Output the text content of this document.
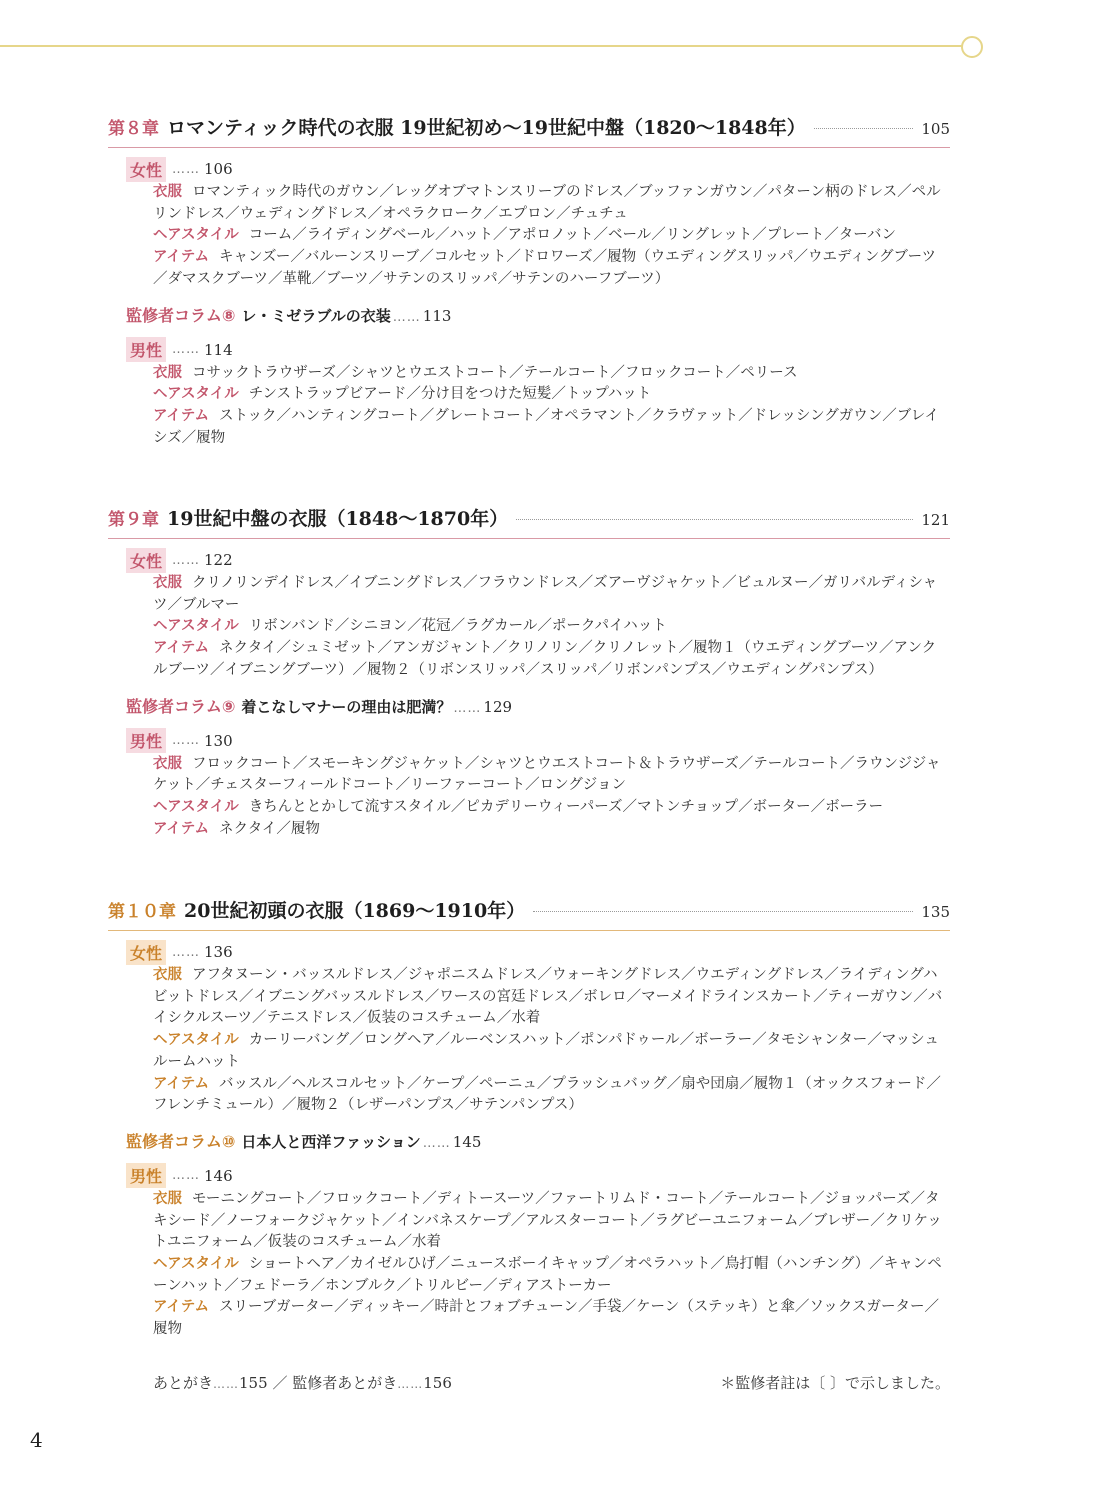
第８章 ロマンティック時代の衣服 19世紀初め～19世紀中盤（1820～1848年）	105
女性 …… 106
衣服 ロマンティック時代のガウン／レッグオブマトンスリーブのドレス／ブッファンガウン／パターン柄のドレス／ペルリンドレス／ウェディングドレス／オペラクローク／エプロン／チュチュ
ヘアスタイル コーム／ライディングベール／ハット／アポロノット／ベール／リングレット／プレート／ターバン
アイテム キャンズー／バルーンスリーブ／コルセット／ドロワーズ／履物（ウエディングスリッパ／ウエディングブーツ／ダマスクブーツ／革靴／ブーツ／サテンのスリッパ／サテンのハーフブーツ）
監修者コラム⑧ レ・ミゼラブルの衣装 …… 113
男性 …… 114
衣服 コサックトラウザーズ／シャツとウエストコート／テールコート／フロックコート／ペリース
ヘアスタイル チンストラップビアード／分け目をつけた短髪／トップハット
アイテム ストック／ハンティングコート／グレートコート／オペラマント／クラヴァット／ドレッシングガウン／ブレイシズ／履物
第９章 19世紀中盤の衣服（1848～1870年）	121
女性 …… 122
衣服 クリノリンデイドレス／イブニングドレス／フラウンドレス／ズアーヴジャケット／ビュルヌー／ガリバルディシャツ／ブルマー
ヘアスタイル リボンバンド／シニヨン／花冠／ラグカール／ポークパイハット
アイテム ネクタイ／シュミゼット／アンガジャント／クリノリン／クリノレット／履物１（ウエディングブーツ／アンクルブーツ／イブニングブーツ）／履物２（リボンスリッパ／スリッパ／リボンパンプス／ウエディングパンプス）
監修者コラム⑨ 着こなしマナーの理由は肥満？ …… 129
男性 …… 130
衣服 フロックコート／スモーキングジャケット／シャツとウエストコート＆トラウザーズ／テールコート／ラウンジジャケット／チェスターフィールドコート／リーファーコート／ロングジョン
ヘアスタイル きちんととかして流すスタイル／ピカデリーウィーパーズ／マトンチョップ／ボーター／ボーラー
アイテム ネクタイ／履物
第１０章 20世紀初頭の衣服（1869～1910年）	135
女性 …… 136
衣服 アフタヌーン・バッスルドレス／ジャポニスムドレス／ウォーキングドレス／ウエディングドレス／ライディングハビットドレス／イブニングバッスルドレス／ワースの宮廷ドレス／ボレロ／マーメイドラインスカート／ティーガウン／バイシクルスーツ／テニスドレス／仮装のコスチューム／水着
ヘアスタイル カーリーバング／ロングヘア／ルーベンスハット／ポンパドゥール／ボーラー／タモシャンター／マッシュルームハット
アイテム バッスル／ヘルスコルセット／ケープ／ペーニュ／プラッシュバッグ／扇や団扇／履物１（オックスフォード／フレンチミュール）／履物２（レザーパンプス／サテンパンプス）
監修者コラム⑩ 日本人と西洋ファッション …… 145
男性 …… 146
衣服 モーニングコート／フロックコート／ディトースーツ／ファートリムド・コート／テールコート／ジョッパーズ／タキシード／ノーフォークジャケット／インバネスケープ／アルスターコート／ラグビーユニフォーム／ブレザー／クリケットユニフォーム／仮装のコスチューム／水着
ヘアスタイル ショートヘア／カイゼルひげ／ニュースボーイキャップ／オペラハット／鳥打帽（ハンチング）／キャンペーンハット／フェドーラ／ホンブルク／トリルビー／ディアストーカー
アイテム スリーブガーター／ディッキー／時計とフォブチューン／手袋／ケーン（ステッキ）と傘／ソックスガーター／履物
あとがき……155 ／ 監修者あとがき……156	＊監修者註は〔 〕で示しました。
4
